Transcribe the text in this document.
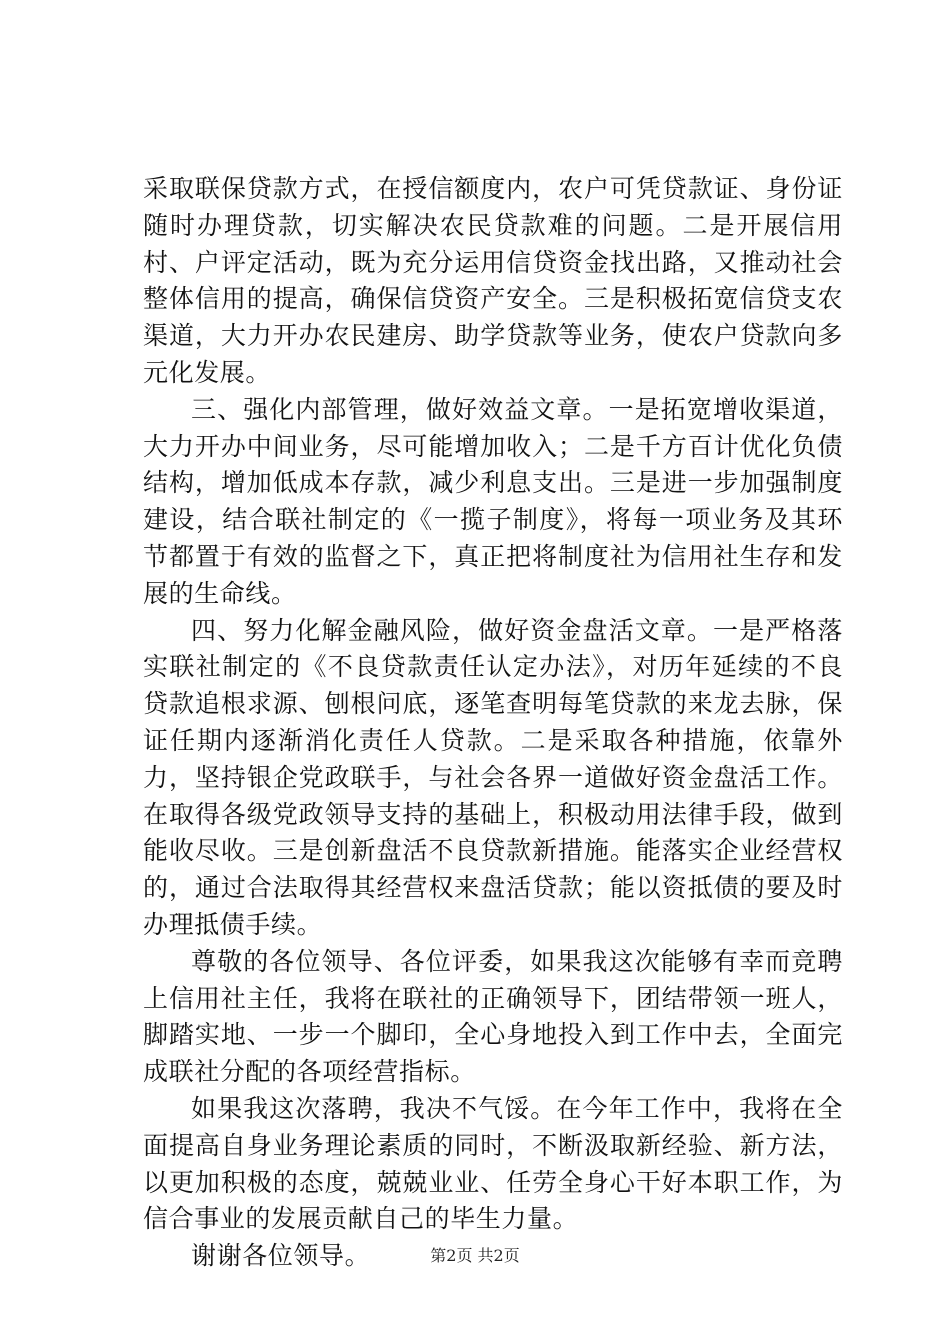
采取联保贷款方式，在授信额度内，农户可凭贷款证、身份证随时办理贷款，切实解决农民贷款难的问题。二是开展信用村、户评定活动，既为充分运用信贷资金找出路，又推动社会整体信用的提高，确保信贷资产安全。三是积极拓宽信贷支农渠道，大力开办农民建房、助学贷款等业务，使农户贷款向多元化发展。

三、强化内部管理，做好效益文章。一是拓宽增收渠道，大力开办中间业务，尽可能增加收入；二是千方百计优化负债结构，增加低成本存款，减少利息支出。三是进一步加强制度建设，结合联社制定的《一揽子制度》，将每一项业务及其环节都置于有效的监督之下，真正把将制度社为信用社生存和发展的生命线。

四、努力化解金融风险，做好资金盘活文章。一是严格落实联社制定的《不良贷款责任认定办法》，对历年延续的不良贷款追根求源、刨根问底，逐笔查明每笔贷款的来龙去脉，保证任期内逐渐消化责任人贷款。二是采取各种措施，依靠外力，坚持银企党政联手，与社会各界一道做好资金盘活工作。在取得各级党政领导支持的基础上，积极动用法律手段，做到能收尽收。三是创新盘活不良贷款新措施。能落实企业经营权的，通过合法取得其经营权来盘活贷款；能以资抵债的要及时办理抵债手续。

尊敬的各位领导、各位评委，如果我这次能够有幸而竞聘上信用社主任，我将在联社的正确领导下，团结带领一班人，脚踏实地、一步一个脚印，全心身地投入到工作中去，全面完成联社分配的各项经营指标。

如果我这次落聘，我决不气馁。在今年工作中，我将在全面提高自身业务理论素质的同时，不断汲取新经验、新方法，以更加积极的态度，兢兢业业、任劳全身心干好本职工作，为信合事业的发展贡献自己的毕生力量。

谢谢各位领导。	第2页 共2页
